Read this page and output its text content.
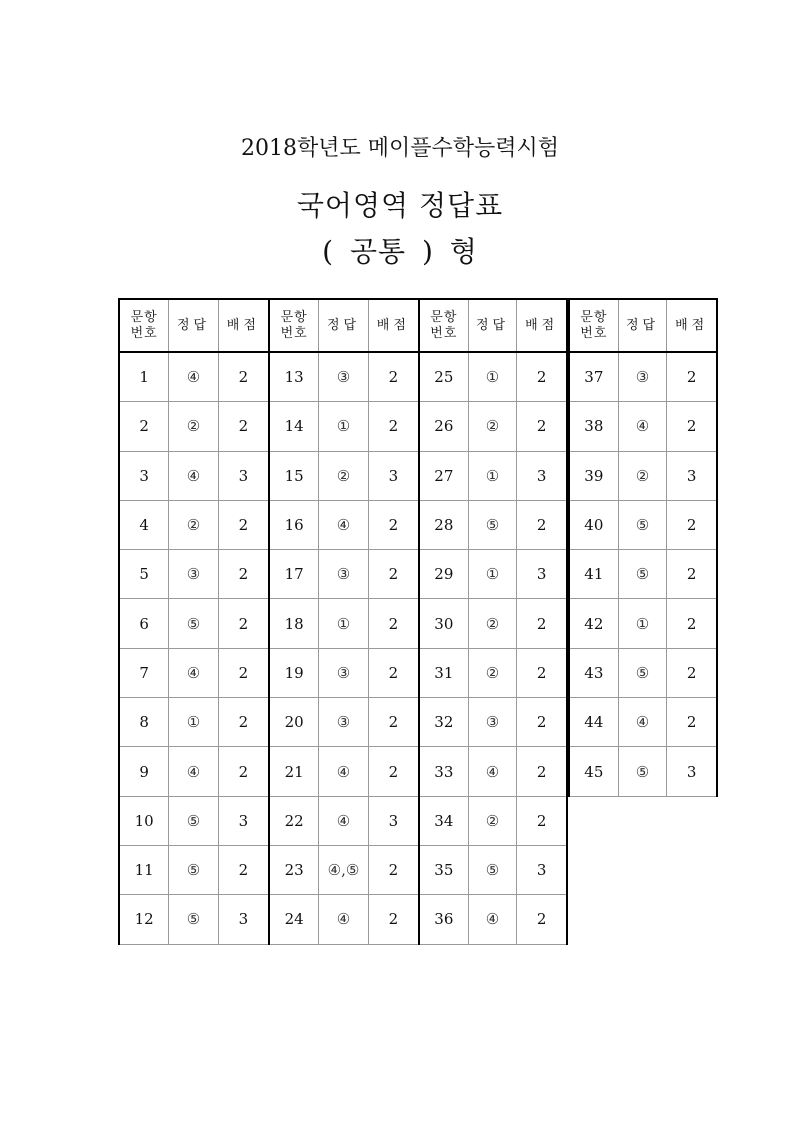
2018학년도 메이플수학능력시험
국어영역 정답표
( 공통 ) 형
문항
번호
정답	배점
1	④	2
2	②	2
3	④	3
4	②	2
5	③	2
6	⑤	2
7	④	2
8	①	2
9	④	2
10	⑤	3
11	⑤	2
12	⑤	3
문항
번호
정답	배점
13	③	2
14	①	2
15	②	3
16	④	2
17	③	2
18	①	2
19	③	2
20	③	2
21	④	2
22	④	3
23	④,⑤	2
24	④	2
문항
번호
정답	배점
25	①	2
26	②	2
27	①	3
28	⑤	2
29	①	3
30	②	2
31	②	2
32	③	2
33	④	2
34	②	2
35	⑤	3
36	④	2
문항
번호
정답	배점
37	③	2
38	④	2
39	②	3
40	⑤	2
41	⑤	2
42	①	2
43	⑤	2
44	④	2
45	⑤	3
